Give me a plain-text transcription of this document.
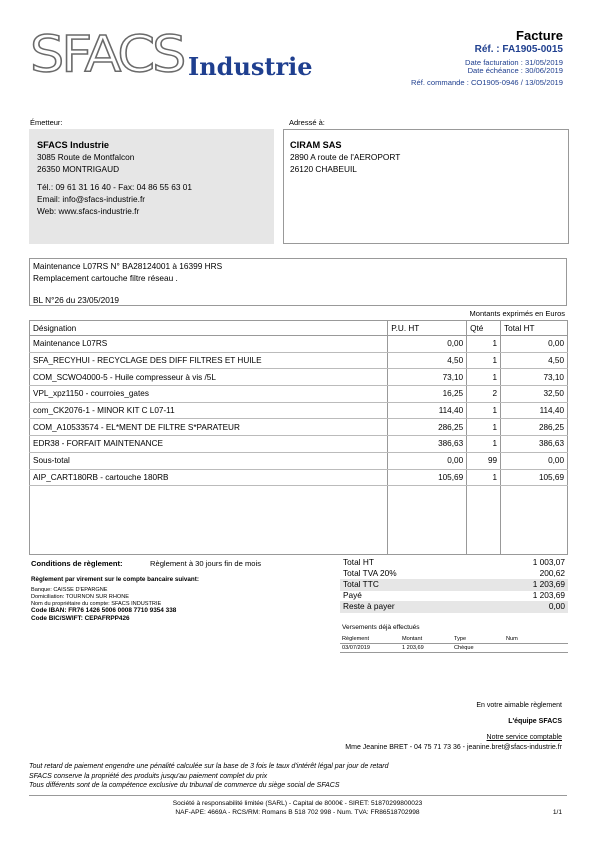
SFACS Industrie
Facture
Réf. : FA1905-0015
Date facturation : 31/05/2019
Date échéance : 30/06/2019
Réf. commande : CO1905-0946 / 13/05/2019
Émetteur:
SFACS Industrie
3085 Route de Montfalcon
26350 MONTRIGAUD

Tél.: 09 61 31 16 40 - Fax: 04 86 55 63 01
Email: info@sfacs-industrie.fr
Web: www.sfacs-industrie.fr
Adressé à:
CIRAM SAS
2890 A route de l'AEROPORT
26120 CHABEUIL
Maintenance L07RS N° BA28124001 à 16399 HRS
Remplacement cartouche filtre réseau .
BL N°26 du 23/05/2019
Montants exprimés en Euros
Désignation	P.U. HT	Qté	Total HT
Maintenance L07RS	0,00	1	0,00
SFA_RECYHUI - RECYCLAGE DES DIFF FILTRES ET HUILE	4,50	1	4,50
COM_SCWO4000-5 - Huile compresseur à vis /5L	73,10	1	73,10
VPL_xpz1150 - courroies_gates	16,25	2	32,50
com_CK2076-1 - MINOR KIT C L07-11	114,40	1	114,40
COM_A10533574 - EL*MENT DE FILTRE S*PARATEUR	286,25	1	286,25
EDR38 - FORFAIT MAINTENANCE	386,63	1	386,63
Sous-total	0,00	99	0,00
AIP_CART180RB - cartouche 180RB	105,69	1	105,69

Conditions de règlement:	Règlement à 30 jours fin de mois
Règlement par virement sur le compte bancaire suivant:
Banque: CAISSE D'EPARGNE
Domiciliation: TOURNON SUR RHONE
Nom du propriétaire du compte: SFACS INDUSTRIE
Code IBAN: FR76 1426 5006 0008 7710 9354 338
Code BIC/SWIFT: CEPAFRPP426
Total HT	1 003,07
Total TVA 20%	200,62
Total TTC	1 203,69
Payé	1 203,69
Reste à payer	0,00
Versements déjà effectués
Règlement	Montant	Type	Num
03/07/2019	1 203,69	Chèque	
En votre aimable règlement
L'équipe SFACS
Notre service comptable
Mme Jeanine BRET - 04 75 71 73 36 - jeanine.bret@sfacs-industrie.fr
Tout retard de paiement engendre une pénalité calculée sur la base de 3 fois le taux d'intérêt légal par jour de retard
SFACS conserve la propriété des produits jusqu'au paiement complet du prix
Tous différents sont de la compétence exclusive du tribunal de commerce du siège social de SFACS
Société à responsabilité limitée (SARL) - Capital de 8000€ - SIRET: 51870299800023
NAF-APE: 4669A - RCS/RM: Romans B 518 702 998 - Num. TVA: FR86518702998	1/1
